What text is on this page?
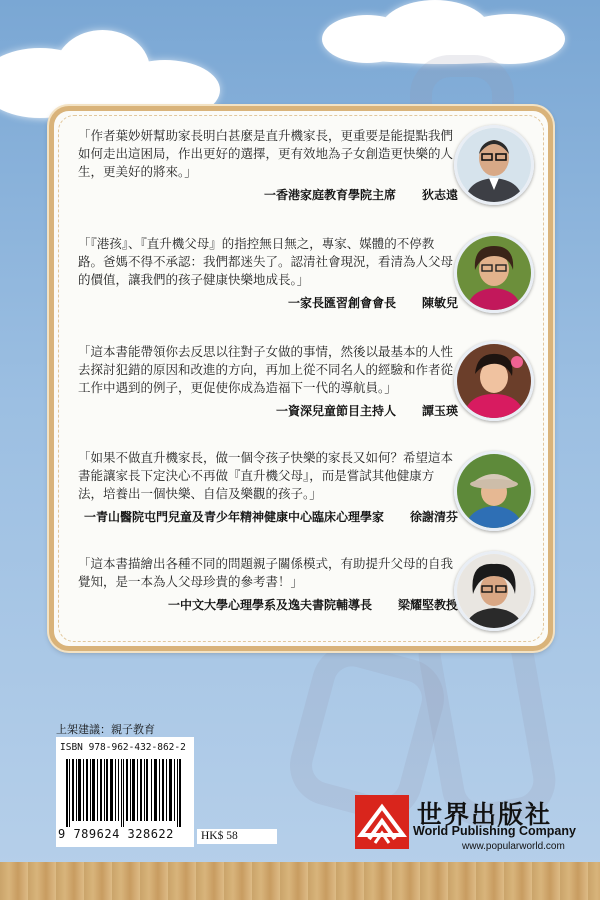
「作者葉妙妍幫助家長明白甚麼是直升機家長，更重要是能提點我們如何走出這困局，作出更好的選擇，更有效地為子女創造更快樂的人生，更美好的將來。」

一香港家庭教育學院主席 狄志遠

「『港孩』、『直升機父母』的指控無日無之，專家、媒體的不停教路。爸媽不得不承認：我們都迷失了。認清社會現況，看清為人父母的價值，讓我們的孩子健康快樂地成長。」

一家長匯習創會會長 陳敏兒

「這本書能帶領你去反思以往對子女做的事情，然後以最基本的人性去探討犯錯的原因和改進的方向，再加上從不同名人的經驗和作者從工作中遇到的例子，更促使你成為造福下一代的導航員。」

一資深兒童節目主持人 譚玉瑛

「如果不做直升機家長，做一個令孩子快樂的家長又如何？希望這本書能讓家長下定決心不再做『直升機父母』，而是嘗試其他健康方法，培養出一個快樂、自信及樂觀的孩子。」

一青山醫院屯門兒童及青少年精神健康中心臨床心理學家 徐謝清芬

「這本書描繪出各種不同的問題親子關係模式，有助提升父母的自我覺知，是一本為人父母珍貴的參考書！」

一中文大學心理學系及逸夫書院輔導長 梁耀堅教授
上架建議：親子教育
ISBN 978-962-432-862-2
9 789624 328622	HK$ 58
世界出版社
World Publishing Company
www.popularworld.com
